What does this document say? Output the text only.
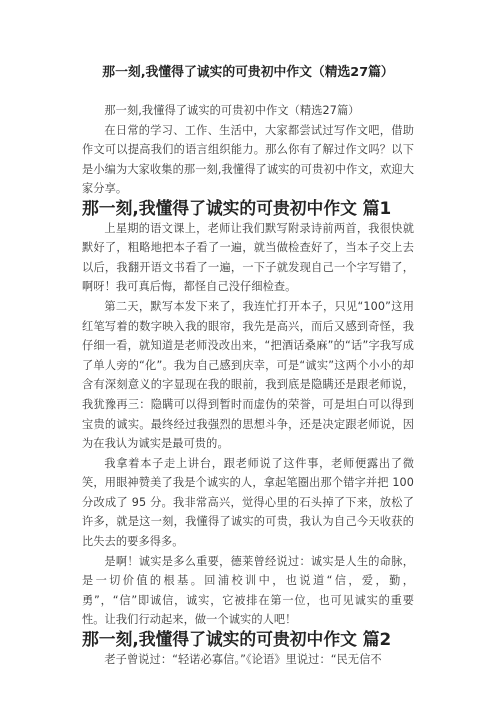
那一刻,我懂得了诚实的可贵初中作文（精选27篇）

那一刻,我懂得了诚实的可贵初中作文（精选27篇）

在日常的学习、工作、生活中，大家都尝试过写作文吧，借助作文可以提高我们的语言组织能力。那么你有了解过作文吗？以下是小编为大家收集的那一刻,我懂得了诚实的可贵初中作文，欢迎大家分享。

那一刻,我懂得了诚实的可贵初中作文 篇1

上星期的语文课上，老师让我们默写附录诗前两首，我很快就默好了，粗略地把本子看了一遍，就当做检查好了，当本子交上去以后，我翻开语文书看了一遍，一下子就发现自己一个字写错了，啊呀！我可真后悔，都怪自己没仔细检查。

第二天，默写本发下来了，我连忙打开本子，只见“100”这用红笔写着的数字映入我的眼帘，我先是高兴，而后又感到奇怪，我仔细一看，就知道是老师没改出来，“把酒话桑麻”的“话”字我写成了单人旁的“化”。我为自己感到庆幸，可是“诚实”这两个小小的却含有深刻意义的字显现在我的眼前，我到底是隐瞒还是跟老师说，我犹豫再三：隐瞒可以得到暂时而虚伪的荣誉，可是坦白可以得到宝贵的诚实。最终经过我强烈的思想斗争，还是决定跟老师说，因为在我认为诚实是最可贵的。

我拿着本子走上讲台，跟老师说了这件事，老师便露出了微笑，用眼神赞美了我是个诚实的人，拿起笔圈出那个错字并把 100 分改成了 95 分。我非常高兴，觉得心里的石头掉了下来，放松了许多，就是这一刻，我懂得了诚实的可贵，我认为自己今天收获的比失去的要多得多。

是啊！诚实是多么重要，德莱曾经说过：诚实是人生的命脉，是一切价值的根基。回浦校训中，也说道“信，爱，勤，勇”，“信”即诚信，诚实，它被排在第一位，也可见诚实的重要性。让我们行动起来，做一个诚实的人吧！

那一刻,我懂得了诚实的可贵初中作文 篇2

老子曾说过：“轻诺必寡信。”《论语》里说过：“民无信不
